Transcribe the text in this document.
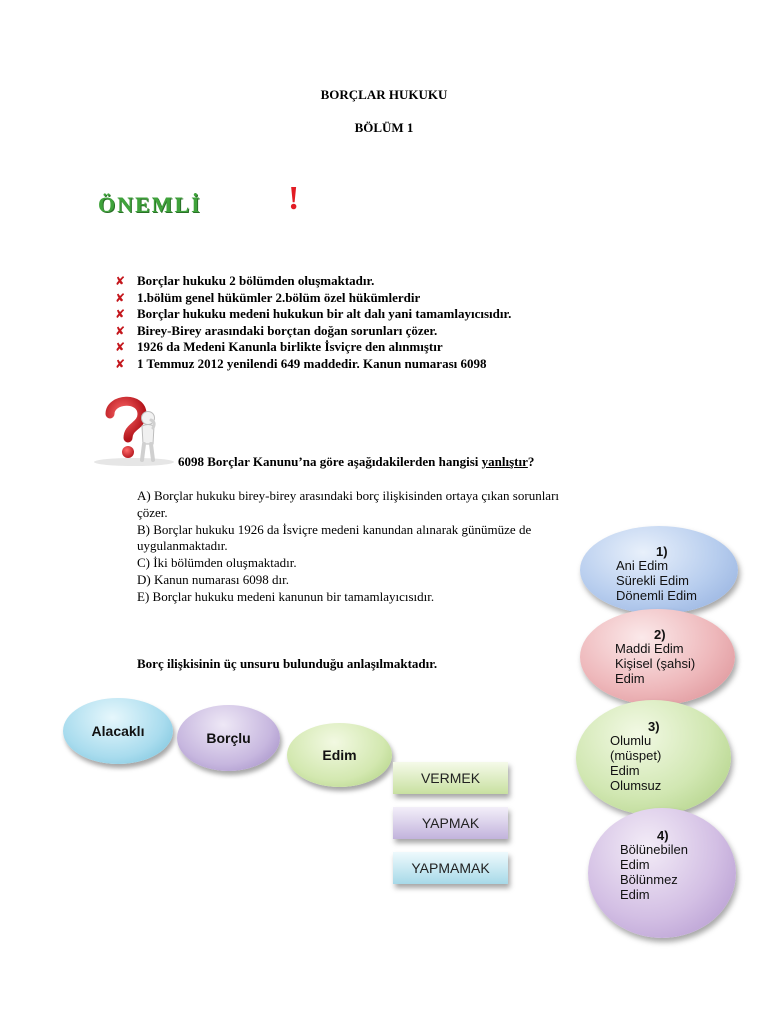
BORÇLAR HUKUKU
BÖLÜM 1
ÖNEMLİ	!
✘ Borçlar hukuku 2 bölümden oluşmaktadır.
✘ 1.bölüm genel hükümler 2.bölüm özel hükümlerdir
✘ Borçlar hukuku medeni hukukun bir alt dalı yani tamamlayıcısıdır.
✘ Birey-Birey arasındaki borçtan doğan sorunları çözer.
✘ 1926 da Medeni Kanunla birlikte İsviçre den alınmıştır
✘ 1 Temmuz 2012 yenilendi 649 maddedir. Kanun numarası 6098
6098 Borçlar Kanunu’na göre aşağıdakilerden hangisi yanlıştır?
A) Borçlar hukuku birey-birey arasındaki borç ilişkisinden ortaya çıkan sorunları
çözer.
B) Borçlar hukuku 1926 da İsviçre medeni kanundan alınarak günümüze de
uygulanmaktadır.
C) İki bölümden oluşmaktadır.
D) Kanun numarası 6098 dır.
E) Borçlar hukuku medeni kanunun bir tamamlayıcısıdır.
Borç ilişkisinin üç unsuru bulunduğu anlaşılmaktadır.
Alacaklı	Borçlu
Edim
VERMEK
YAPMAK
YAPMAMAK
1)
Ani Edim
Sürekli Edim
Dönemli Edim
2)
Maddi Edim
Kişisel (şahsi)
Edim
3)
Olumlu
(müspet)
Edim
Olumsuz
4)
Bölünebilen
Edim
Bölünmez
Edim
